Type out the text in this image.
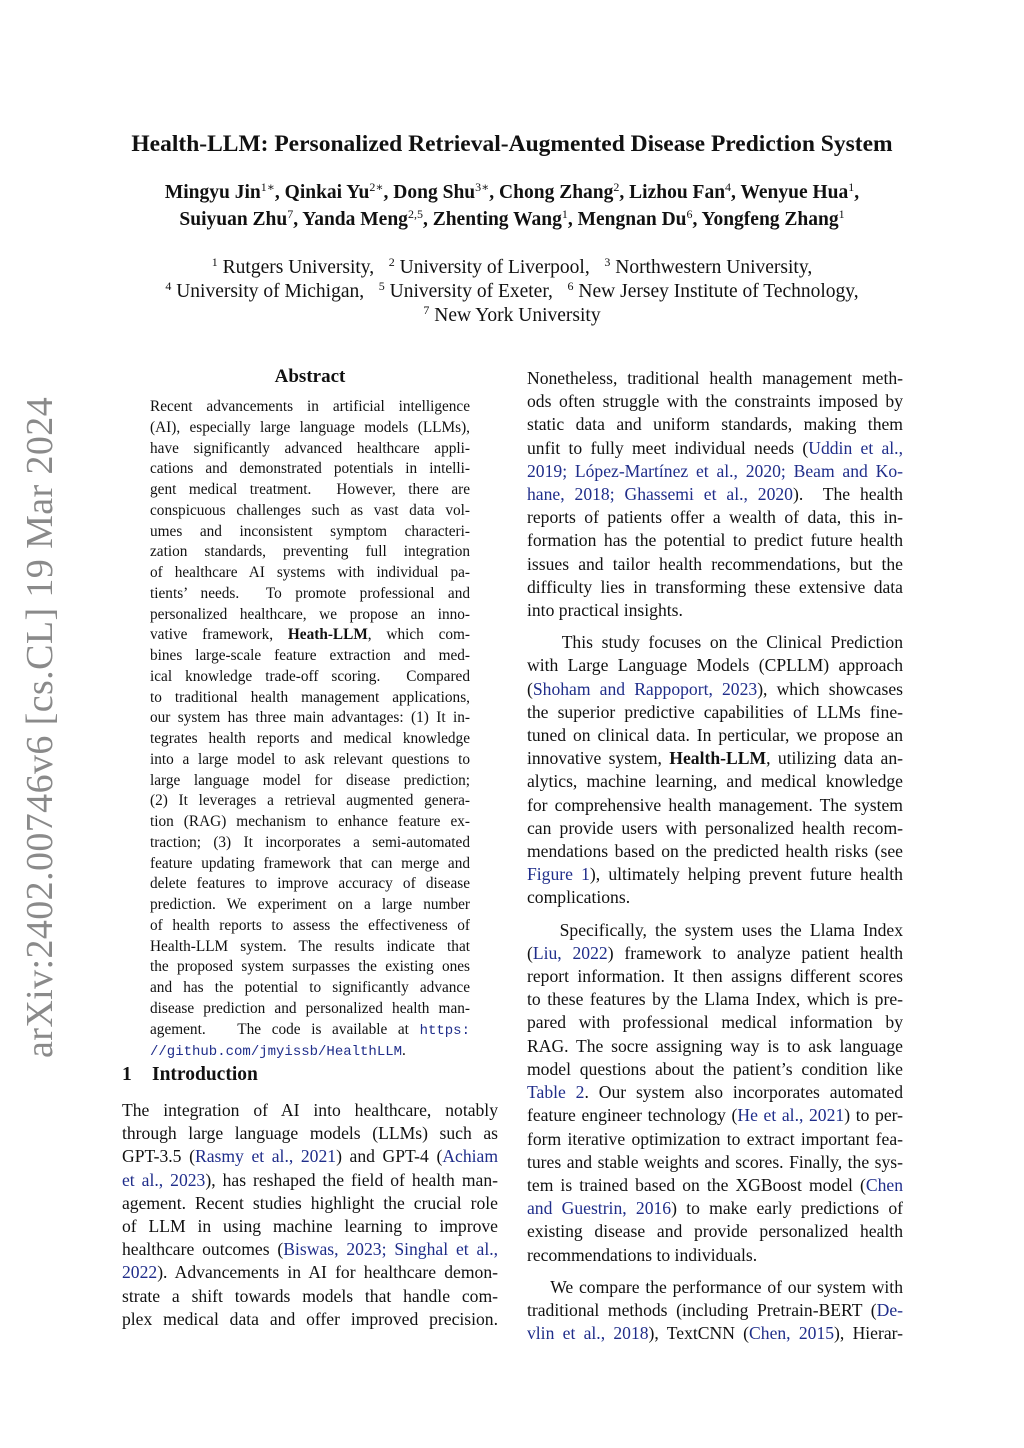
arXiv:2402.00746v6 [cs.CL] 19 Mar 2024
Health-LLM: Personalized Retrieval-Augmented Disease Prediction System
Mingyu Jin$^{1∗}$, Qinkai $Yu^{2∗}$, Dong Shu$^{3∗}$, Chong Zhang$^2$, Lizhou Fan$^4$, Wenyue Hua$^1$,
Suiyuan Zhu$^7$, Yanda Meng$^{2,5}$, Zhenting Wang$^1$, Mengnan Du$^6$, Yongfeng Zhang$^1$
$^1$ Rutgers University,   $^2$ University of Liverpool,   $^3$ Northwestern University,
$^4$ University of Michigan,   $^5$ University of Exeter,   $^6$ New Jersey Institute of Technology,
$^7$ New York University
Abstract

Recent advancements in artificial intelligence

(AI), especially large language models (LLMs),

have significantly advanced healthcare appli-

cations and demonstrated potentials in intelli-

gent medical treatment.  However, there are

conspicuous challenges such as vast data vol-

umes and inconsistent symptom characteri-

zation standards, preventing full integration

of healthcare AI systems with individual pa-

tients’ needs.  To promote professional and

personalized healthcare, we propose an inno-

vative framework, Heath-LLM, which com-

bines large-scale feature extraction and med-

ical knowledge trade-off scoring.  Compared

to traditional health management applications,

our system has three main advantages: (1) It in-

tegrates health reports and medical knowledge

into a large model to ask relevant questions to

large language model for disease prediction;

(2) It leverages a retrieval augmented genera-

tion (RAG) mechanism to enhance feature ex-

traction; (3) It incorporates a semi-automated

feature updating framework that can merge and

delete features to improve accuracy of disease

prediction. We experiment on a large number

of health reports to assess the effectiveness of

Health-LLM system. The results indicate that

the proposed system surpasses the existing ones

and has the potential to significantly advance

disease prediction and personalized health man-

agement.   The code is available at https:

//github.com/jmyissb/HealthLLM.

1 Introduction

The integration of AI into healthcare, notably

through large language models (LLMs) such as

GPT-3.5 (Rasmy et al., 2021) and GPT-4 (Achiam

et al., 2023), has reshaped the field of health man-

agement. Recent studies highlight the crucial role

of LLM in using machine learning to improve

healthcare outcomes (Biswas, 2023; Singhal et al.,

2022). Advancements in AI for healthcare demon-

strate a shift towards models that handle com-

plex medical data and offer improved precision.

Nonetheless, traditional health management meth-

ods often struggle with the constraints imposed by

static data and uniform standards, making them

unfit to fully meet individual needs (Uddin et al.,

2019; López-Martínez et al., 2020; Beam and Ko-

hane, 2018; Ghassemi et al., 2020).  The health

reports of patients offer a wealth of data, this in-

formation has the potential to predict future health

issues and tailor health recommendations, but the

difficulty lies in transforming these extensive data

into practical insights.

This study focuses on the Clinical Prediction

with Large Language Models (CPLLM) approach

(Shoham and Rappoport, 2023), which showcases

the superior predictive capabilities of LLMs fine-

tuned on clinical data. In perticular, we propose an

innovative system, Health-LLM, utilizing data an-

alytics, machine learning, and medical knowledge

for comprehensive health management. The system

can provide users with personalized health recom-

mendations based on the predicted health risks (see

Figure 1), ultimately helping prevent future health

complications.

Specifically, the system uses the Llama Index

(Liu, 2022) framework to analyze patient health

report information. It then assigns different scores

to these features by the Llama Index, which is pre-

pared with professional medical information by

RAG. The socre assigning way is to ask language

model questions about the patient’s condition like

Table 2. Our system also incorporates automated

feature engineer technology (He et al., 2021) to per-

form iterative optimization to extract important fea-

tures and stable weights and scores. Finally, the sys-

tem is trained based on the XGBoost model (Chen

and Guestrin, 2016) to make early predictions of

existing disease and provide personalized health

recommendations to individuals.

We compare the performance of our system with

traditional methods (including Pretrain-BERT (De-

vlin et al., 2018), TextCNN (Chen, 2015), Hierar-
